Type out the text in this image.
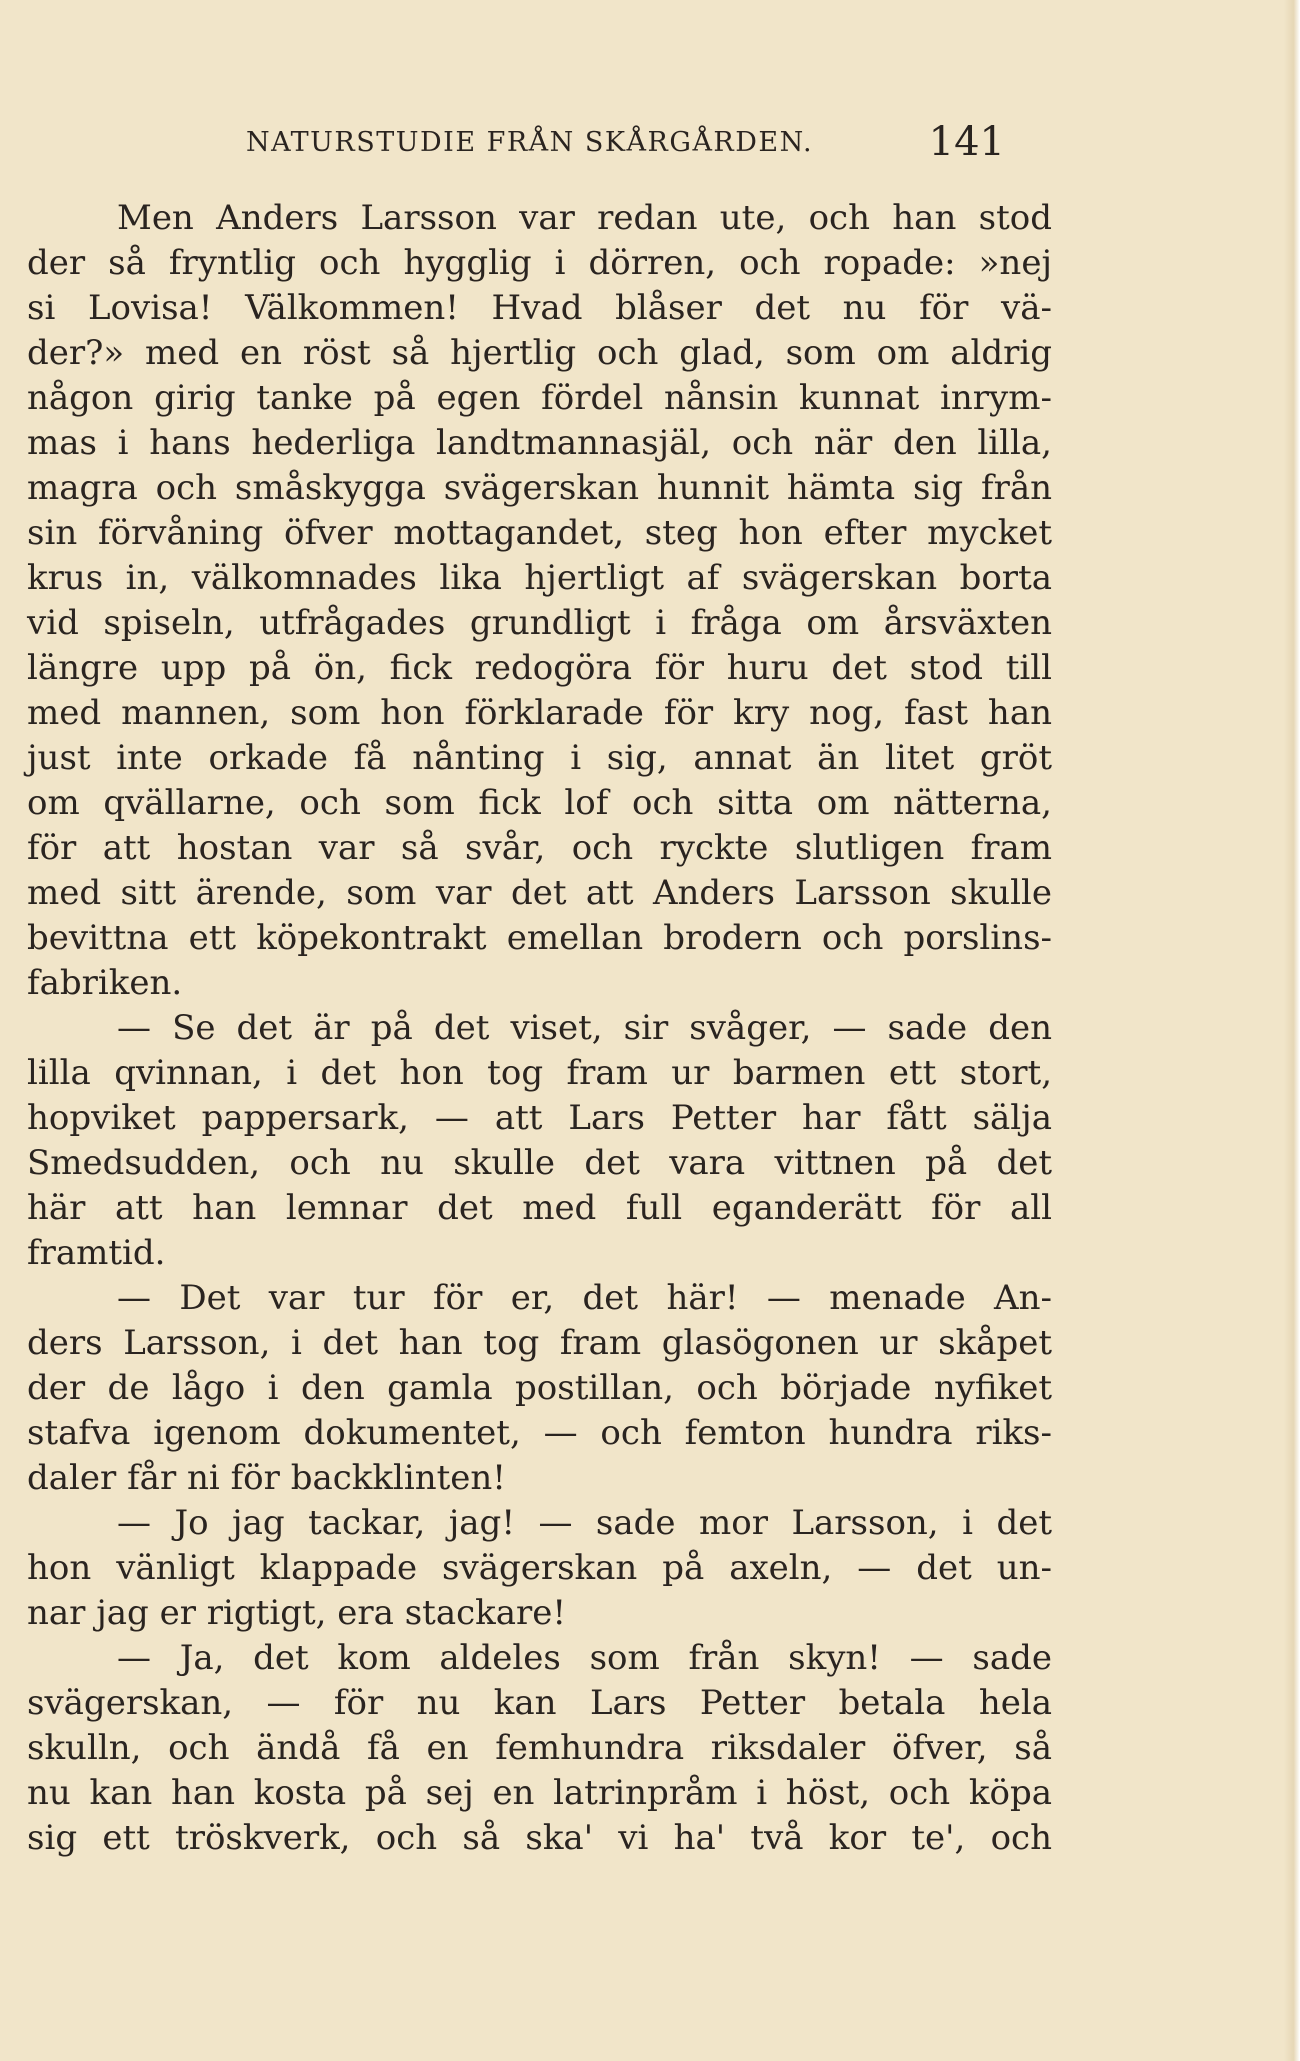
NATURSTUDIE FRÅN SKÅRGÅRDEN.	141
Men Anders Larsson var redan ute, och han stod
der så fryntlig och hygglig i dörren, och ropade: »nej
si Lovisa! Välkommen! Hvad blåser det nu för vä-
der?» med en röst så hjertlig och glad, som om aldrig
någon girig tanke på egen fördel nånsin kunnat inrym-
mas i hans hederliga landtmannasjäl, och när den lilla,
magra och småskygga svägerskan hunnit hämta sig från
sin förvåning öfver mottagandet, steg hon efter mycket
krus in, välkomnades lika hjertligt af svägerskan borta
vid spiseln, utfrågades grundligt i fråga om årsväxten
längre upp på ön, fick redogöra för huru det stod till
med mannen, som hon förklarade för kry nog, fast han
just inte orkade få nånting i sig, annat än litet gröt
om qvällarne, och som fick lof och sitta om nätterna,
för att hostan var så svår, och ryckte slutligen fram
med sitt ärende, som var det att Anders Larsson skulle
bevittna ett köpekontrakt emellan brodern och porslins-
fabriken.
— Se det är på det viset, sir svåger, — sade den
lilla qvinnan, i det hon tog fram ur barmen ett stort,
hopviket pappersark, — att Lars Petter har fått sälja
Smedsudden, och nu skulle det vara vittnen på det
här att han lemnar det med full eganderätt för all
framtid.
— Det var tur för er, det här! — menade An-
ders Larsson, i det han tog fram glasögonen ur skåpet
der de lågo i den gamla postillan, och började nyfiket
stafva igenom dokumentet, — och femton hundra riks-
daler får ni för backklinten!
— Jo jag tackar, jag! — sade mor Larsson, i det
hon vänligt klappade svägerskan på axeln, — det un-
nar jag er rigtigt, era stackare!
— Ja, det kom aldeles som från skyn! — sade
svägerskan, — för nu kan Lars Petter betala hela
skulln, och ändå få en femhundra riksdaler öfver, så
nu kan han kosta på sej en latrinpråm i höst, och köpa
sig ett tröskverk, och så ska' vi ha' två kor te', och
